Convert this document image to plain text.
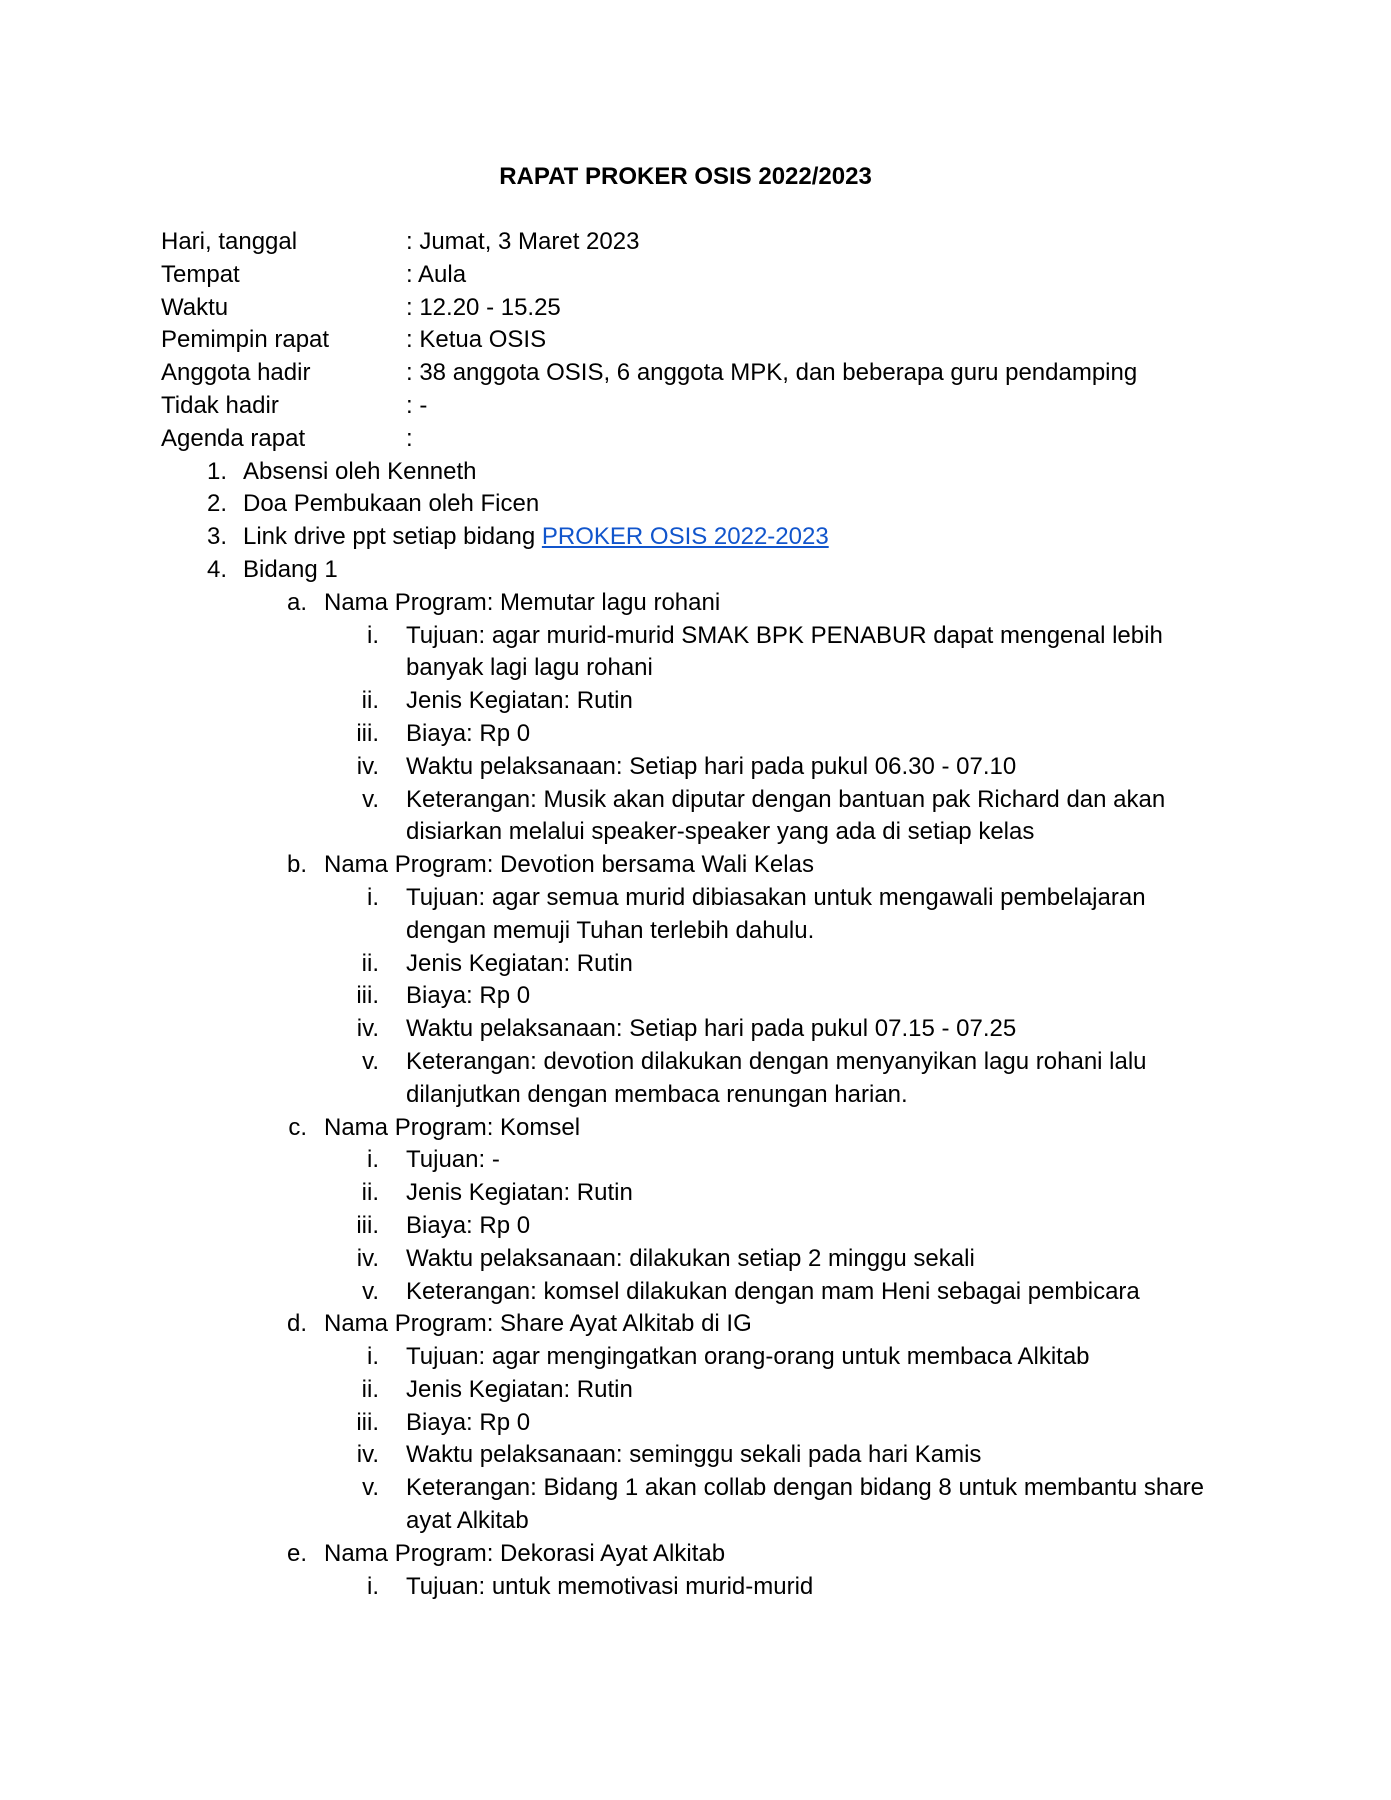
RAPAT PROKER OSIS 2022/2023
Hari, tanggal	: Jumat, 3 Maret 2023
Tempat	: Aula
Waktu	: 12.20 - 15.25
Pemimpin rapat	: Ketua OSIS
Anggota hadir	: 38 anggota OSIS, 6 anggota MPK, dan beberapa guru pendamping
Tidak hadir	: -
Agenda rapat	:
1. Absensi oleh Kenneth
2. Doa Pembukaan oleh Ficen
3. Link drive ppt setiap bidang PROKER OSIS 2022-2023
4. Bidang 1
a. Nama Program: Memutar lagu rohani
i.	Tujuan: agar murid-murid SMAK BPK PENABUR dapat mengenal lebih banyak lagi lagu rohani
ii.	Jenis Kegiatan: Rutin
iii.	Biaya: Rp 0
iv.	Waktu pelaksanaan: Setiap hari pada pukul 06.30 - 07.10
v.	Keterangan: Musik akan diputar dengan bantuan pak Richard dan akan disiarkan melalui speaker-speaker yang ada di setiap kelas
b. Nama Program: Devotion bersama Wali Kelas
i.	Tujuan: agar semua murid dibiasakan untuk mengawali pembelajaran dengan memuji Tuhan terlebih dahulu.
ii.	Jenis Kegiatan: Rutin
iii.	Biaya: Rp 0
iv.	Waktu pelaksanaan: Setiap hari pada pukul 07.15 - 07.25
v.	Keterangan: devotion dilakukan dengan menyanyikan lagu rohani lalu dilanjutkan dengan membaca renungan harian.
c. Nama Program: Komsel
i.	Tujuan: -
ii.	Jenis Kegiatan: Rutin
iii.	Biaya: Rp 0
iv.	Waktu pelaksanaan: dilakukan setiap 2 minggu sekali
v.	Keterangan: komsel dilakukan dengan mam Heni sebagai pembicara
d. Nama Program: Share Ayat Alkitab di IG
i.	Tujuan: agar mengingatkan orang-orang untuk membaca Alkitab
ii.	Jenis Kegiatan: Rutin
iii.	Biaya: Rp 0
iv.	Waktu pelaksanaan: seminggu sekali pada hari Kamis
v.	Keterangan: Bidang 1 akan collab dengan bidang 8 untuk membantu share ayat Alkitab
e. Nama Program: Dekorasi Ayat Alkitab
i.	Tujuan: untuk memotivasi murid-murid
